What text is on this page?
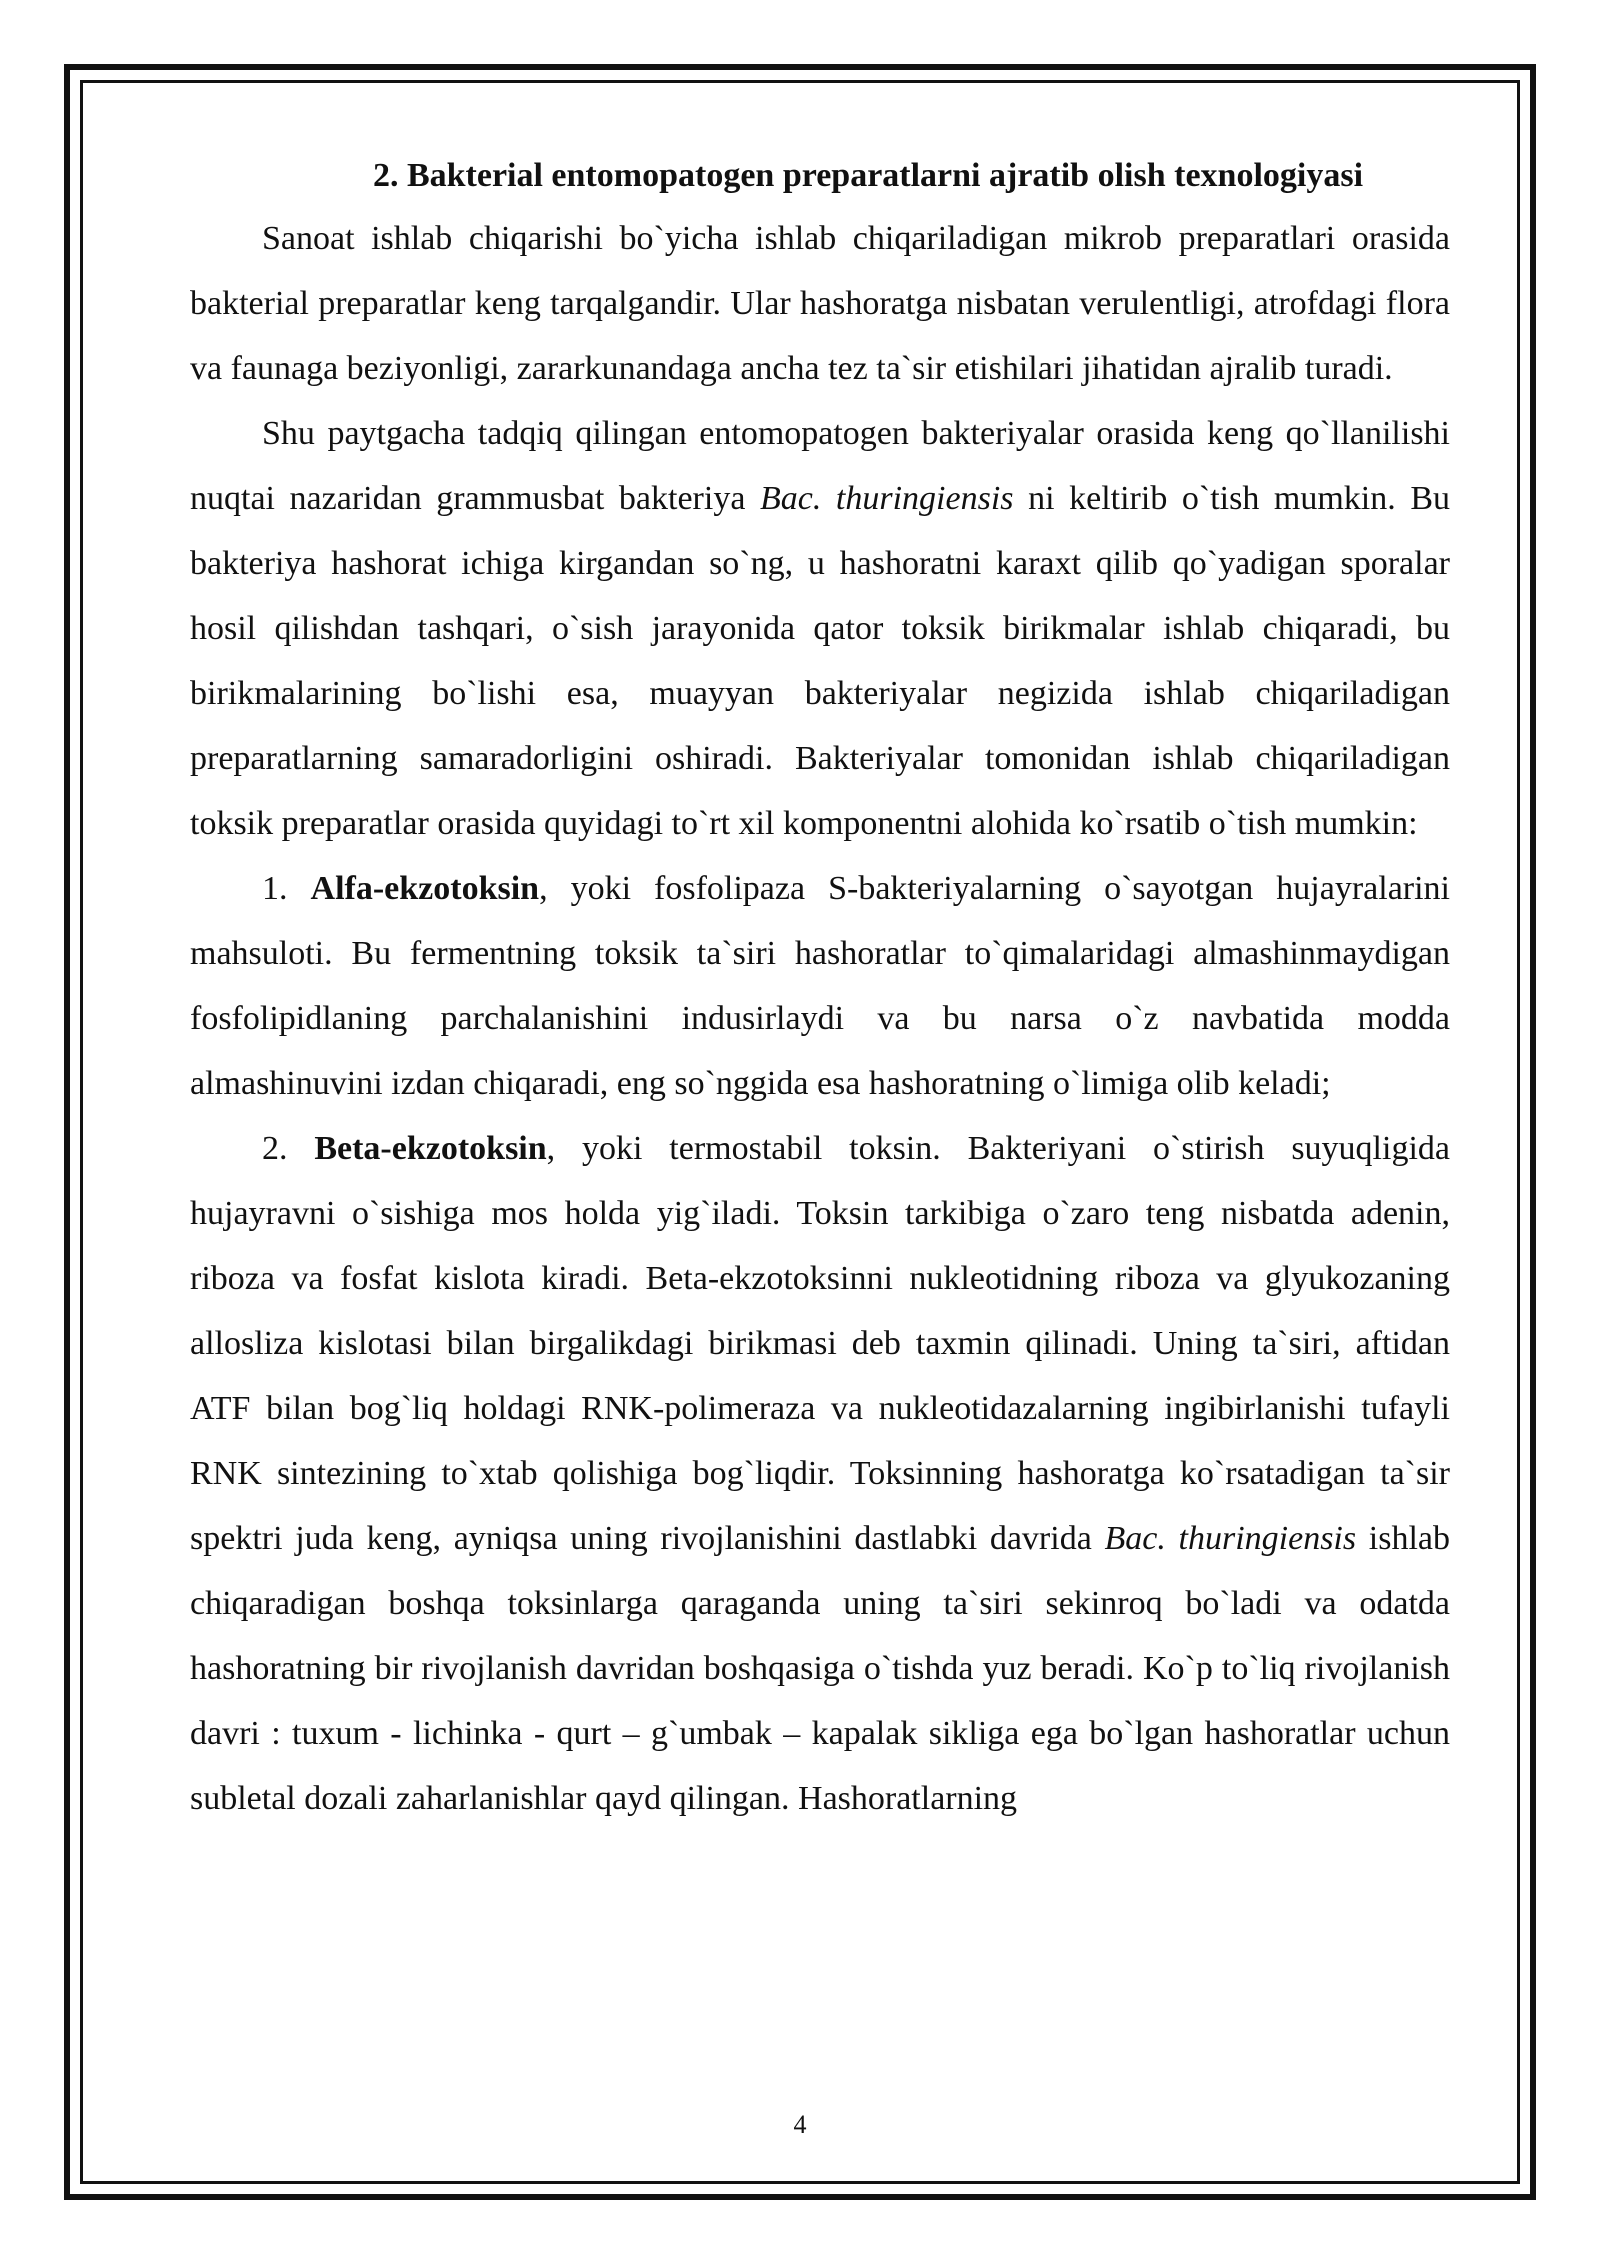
2. Bakterial entomopatogen preparatlarni ajratib olish texnologiyasi

Sanoat ishlab chiqarishi bo`yicha ishlab chiqariladigan mikrob preparatlari orasida bakterial preparatlar keng tarqalgandir. Ular hashoratga nisbatan verulentligi, atrofdagi flora va faunaga beziyonligi, zararkunandaga ancha tez ta`sir etishilari jihatidan ajralib turadi.

Shu paytgacha tadqiq qilingan entomopatogen bakteriyalar orasida keng qo`llanilishi nuqtai nazaridan grammusbat bakteriya Bac. thuringiensis ni keltirib o`tish mumkin. Bu bakteriya hashorat ichiga kirgandan so`ng, u hashoratni karaxt qilib qo`yadigan sporalar hosil qilishdan tashqari, o`sish jarayonida qator toksik birikmalar ishlab chiqaradi, bu birikmalarining bo`lishi esa, muayyan bakteriyalar negizida ishlab chiqariladigan preparatlarning samaradorligini oshiradi. Bakteriyalar tomonidan ishlab chiqariladigan toksik preparatlar orasida quyidagi to`rt xil komponentni alohida ko`rsatib o`tish mumkin:

1. Alfa-ekzotoksin, yoki fosfolipaza S-bakteriyalarning o`sayotgan hujayralarini mahsuloti. Bu fermentning toksik ta`siri hashoratlar to`qimalaridagi almashinmaydigan fosfolipidlaning parchalanishini indusirlaydi va bu narsa o`z navbatida modda almashinuvini izdan chiqaradi, eng so`nggida esa hashoratning o`limiga olib keladi;

2. Beta-ekzotoksin, yoki termostabil toksin. Bakteriyani o`stirish suyuqligida hujayravni o`sishiga mos holda yig`iladi. Toksin tarkibiga o`zaro teng nisbatda adenin, riboza va fosfat kislota kiradi. Beta-ekzotoksinni nukleotidning riboza va glyukozaning allosliza kislotasi bilan birgalikdagi birikmasi deb taxmin qilinadi. Uning ta`siri, aftidan ATF bilan bog`liq holdagi RNK-polimeraza va nukleotidazalarning ingibirlanishi tufayli RNK sintezining to`xtab qolishiga bog`liqdir. Toksinning hashoratga ko`rsatadigan ta`sir spektri juda keng, ayniqsa uning rivojlanishini dastlabki davrida Bac. thuringiensis ishlab chiqaradigan boshqa toksinlarga qaraganda uning ta`siri sekinroq bo`ladi va odatda hashoratning bir rivojlanish davridan boshqasiga o`tishda yuz beradi. Ko`p to`liq rivojlanish davri : tuxum - lichinka - qurt – g`umbak – kapalak sikliga ega bo`lgan hashoratlar uchun subletal dozali zaharlanishlar qayd qilingan. Hashoratlarning

4
